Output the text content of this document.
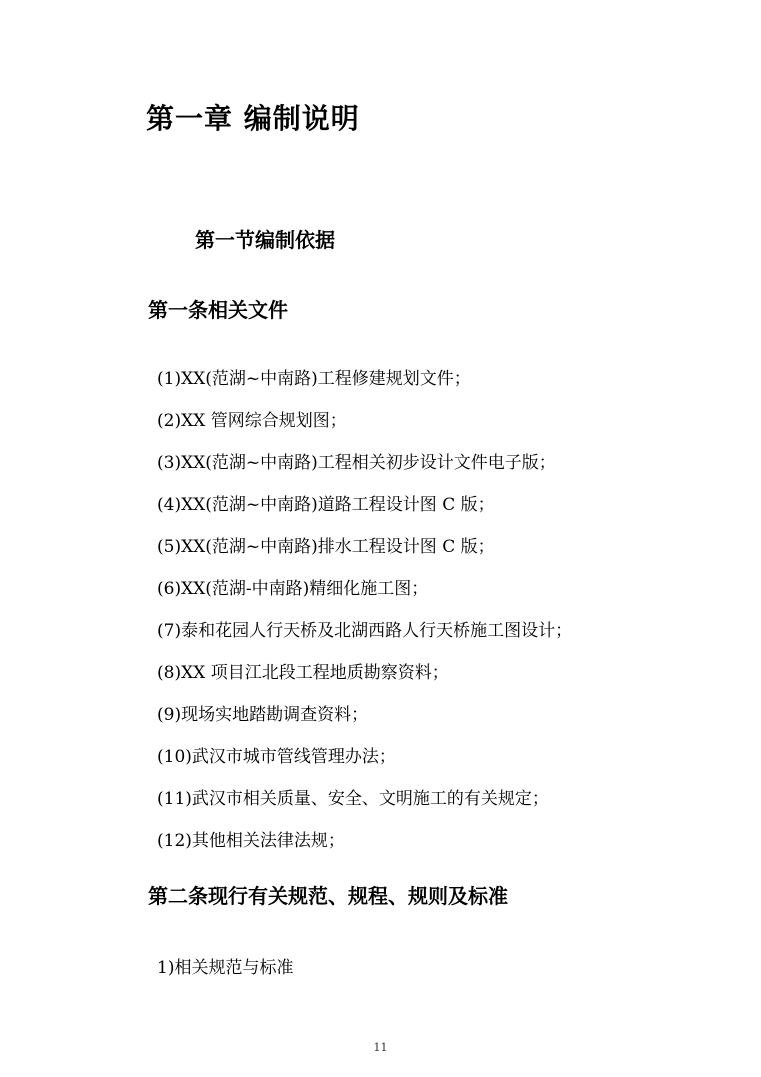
第一章 编制说明
第一节编制依据
第一条相关文件
(1)XX(范湖~中南路)工程修建规划文件；
(2)XX 管网综合规划图；
(3)XX(范湖~中南路)工程相关初步设计文件电子版；
(4)XX(范湖~中南路)道路工程设计图 C 版；
(5)XX(范湖~中南路)排水工程设计图 C 版；
(6)XX(范湖-中南路)精细化施工图；
(7)泰和花园人行天桥及北湖西路人行天桥施工图设计；
(8)XX 项目江北段工程地质勘察资料；
(9)现场实地踏勘调查资料；
(10)武汉市城市管线管理办法；
(11)武汉市相关质量、安全、文明施工的有关规定；
(12)其他相关法律法规；
第二条现行有关规范、规程、规则及标准
1)相关规范与标准
11
